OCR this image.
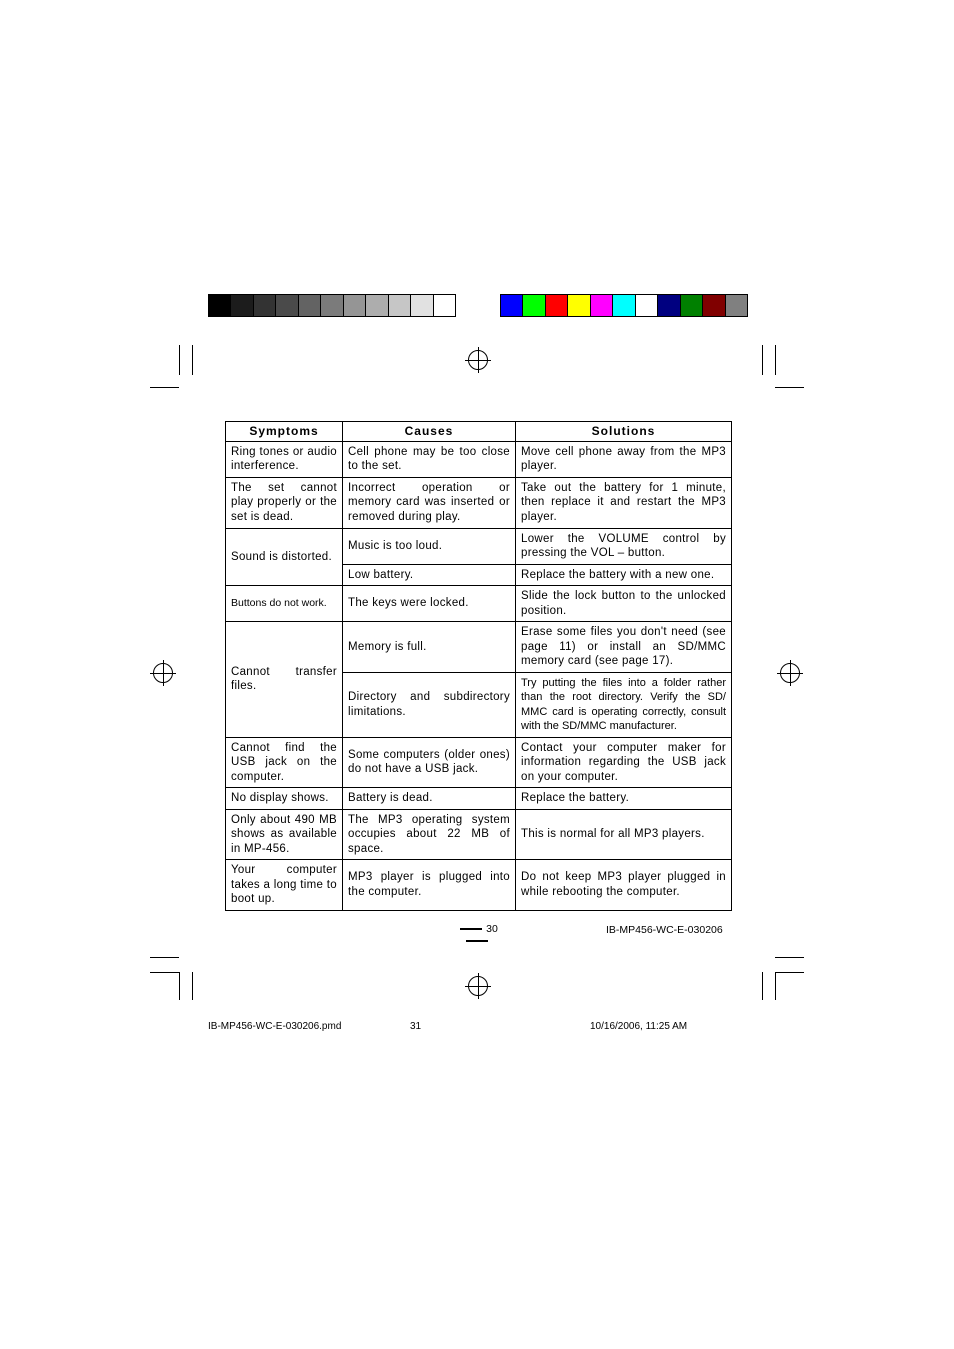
Symptoms	Causes	Solutions
Ring tones or audio interference.	Cell phone may be too close to the set.	Move cell phone away from the MP3 player.
The set cannot play properly or the set is dead.	Incorrect operation or memory card was inserted or removed during play.	Take out the battery for 1 minute, then replace it and restart the MP3 player.
Sound is distorted.	Music is too loud.	Lower the VOLUME control by pressing the VOL – button.
	Low battery.	Replace the battery with a new one.
Buttons do not work.	The keys were locked.	Slide the lock button to the unlocked position.
Cannot transfer files.	Memory is full.	Erase some files you don't need (see page 11) or install an SD/MMC memory card (see page 17).
	Directory and subdirectory limitations.	Try putting the files into a folder rather than the root directory. Verify the SD/ MMC card is operating correctly, consult with the SD/MMC manufacturer.
Cannot find the USB jack on the computer.	Some computers (older ones) do not have a USB jack.	Contact your computer maker for information regarding the USB jack on your computer.
No display shows.	Battery is dead.	Replace the battery.
Only about 490 MB shows as available in MP-456.	The MP3 operating system occupies about 22 MB of space.	This is normal for all MP3 players.
Your computer takes a long time to boot up.	MP3 player is plugged into the computer.	Do not keep MP3 player plugged in while rebooting the computer.
30	IB-MP456-WC-E-030206
IB-MP456-WC-E-030206.pmd	31	10/16/2006, 11:25 AM
